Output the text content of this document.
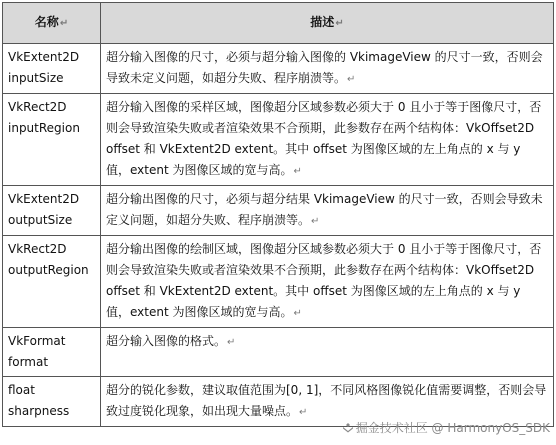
名称↵	描述↵

VkExtent2D
inputSize	超分输入图像的尺寸，必须与超分输入图像的 VkimageView 的尺寸一致，否则会导致未定义问题，如超分失败、程序崩溃等。↵

VkRect2D
inputRegion	超分输入图像的采样区域，图像超分区域参数必须大于 0 且小于等于图像尺寸，否则会导致渲染失败或者渲染效果不合预期，此参数存在两个结构体：VkOffset2D offset 和 VkExtent2D extent。其中 offset 为图像区域的左上角点的 x 与 y 值，extent 为图像区域的宽与高。↵

VkExtent2D
outputSize	超分输出图像的尺寸，必须与超分结果 VkimageView 的尺寸一致，否则会导致未定义问题，如超分失败、程序崩溃等。↵

VkRect2D
outputRegion	超分输出图像的绘制区域，图像超分区域参数必须大于 0 且小于等于图像尺寸，否则会导致渲染失败或者渲染效果不合预期，此参数存在两个结构体：VkOffset2D offset 和 VkExtent2D extent。其中 offset 为图像区域的左上角点的 x 与 y 值，extent 为图像区域的宽与高。↵

VkFormat
format	超分输入图像的格式。↵

float sharpness	超分的锐化参数，建议取值范围为[0, 1]，不同风格图像锐化值需要调整，否则会导致过度锐化现象，如出现大量噪点。↵
掘金技术社区 @ HarmonyOS_SDK
